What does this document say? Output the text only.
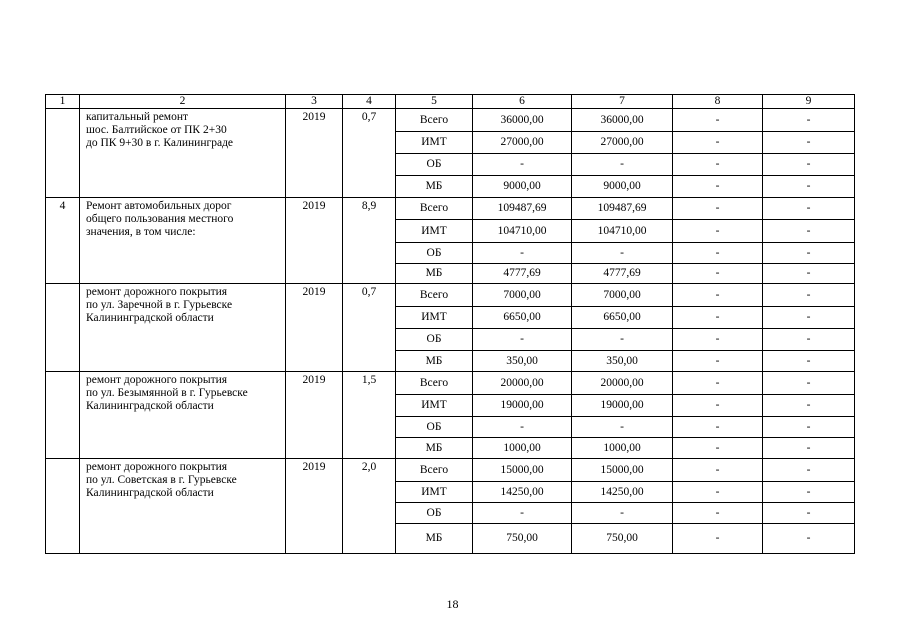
1	2	3	4	5	6	7	8	9

	капитальный ремонт
шос. Балтийское от ПК 2+30
до ПК 9+30 в г. Калининграде	2019	0,7	Всего	36000,00	36000,00	-	-
				ИМТ	27000,00	27000,00	-	-
				ОБ	-	-	-	-
				МБ	9000,00	9000,00	-	-
4	Ремонт автомобильных дорог
общего пользования местного
значения, в том числе:	2019	8,9	Всего	109487,69	109487,69	-	-
				ИМТ	104710,00	104710,00	-	-
				ОБ	-	-	-	-
				МБ	4777,69	4777,69	-	-

	ремонт дорожного покрытия
по ул. Заречной в г. Гурьевске
Калининградской области	2019	0,7	Всего	7000,00	7000,00	-	-
				ИМТ	6650,00	6650,00	-	-
				ОБ	-	-	-	-
				МБ	350,00	350,00	-	-

	ремонт дорожного покрытия
по ул. Безымянной в г. Гурьевске
Калининградской области	2019	1,5	Всего	20000,00	20000,00	-	-
				ИМТ	19000,00	19000,00	-	-
				ОБ	-	-	-	-
				МБ	1000,00	1000,00	-	-

	ремонт дорожного покрытия
по ул. Советская в г. Гурьевске
Калининградской области	2019	2,0	Всего	15000,00	15000,00	-	-
				ИМТ	14250,00	14250,00	-	-
				ОБ	-	-	-	-
				МБ	750,00	750,00	-	-
18
